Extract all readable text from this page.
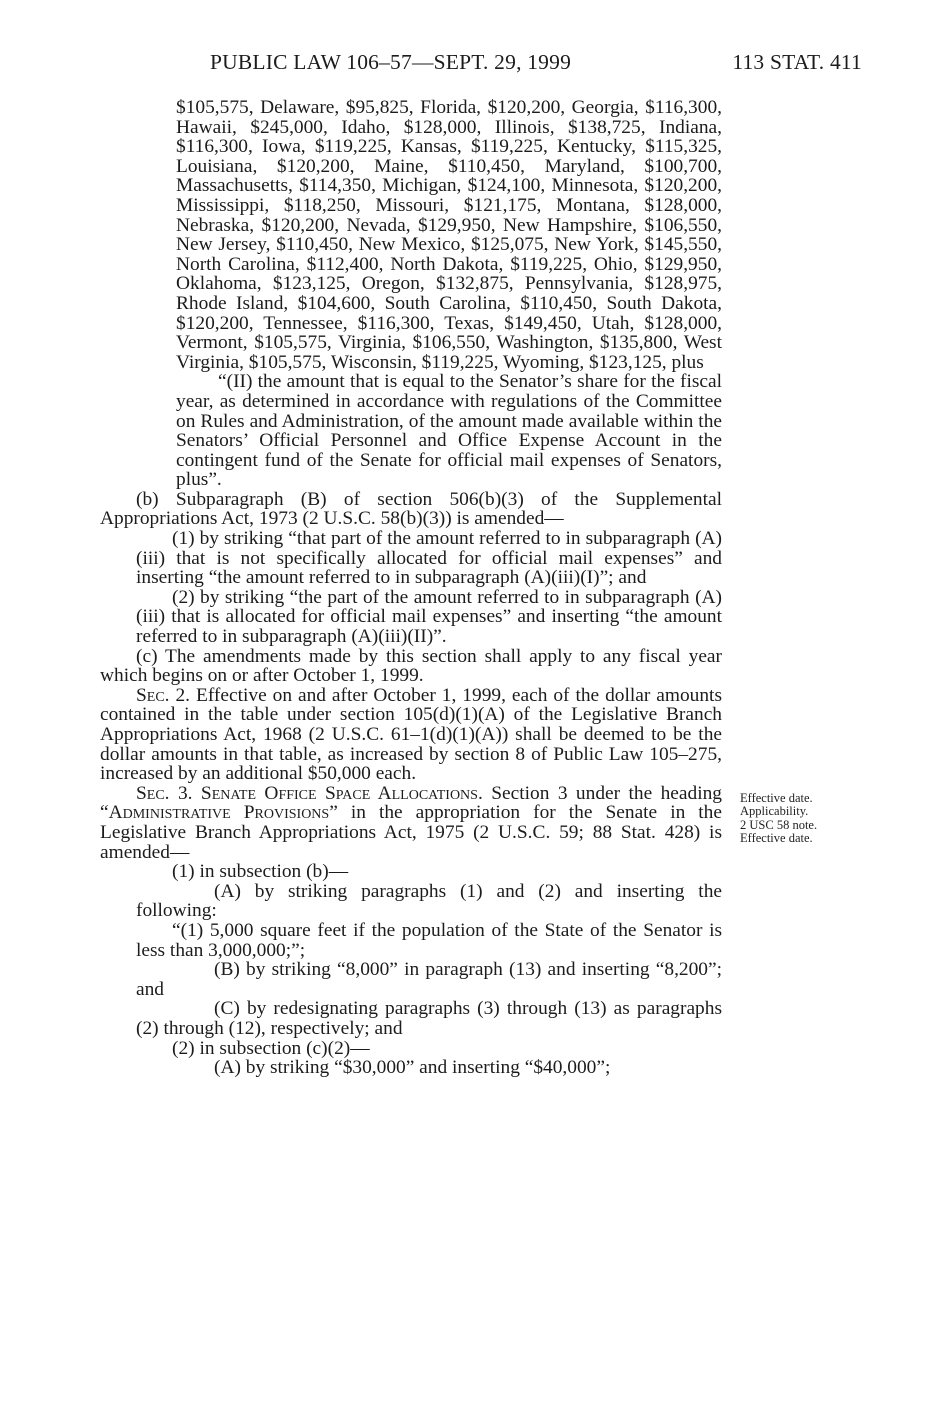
PUBLIC LAW 106–57—SEPT. 29, 1999	113 STAT. 411

$105,575, Delaware, $95,825, Florida, $120,200, Georgia, $116,300, Hawaii, $245,000, Idaho, $128,000, Illinois, $138,725, Indiana, $116,300, Iowa, $119,225, Kansas, $119,225, Kentucky, $115,325, Louisiana, $120,200, Maine, $110,450, Maryland, $100,700, Massachusetts, $114,350, Michigan, $124,100, Minnesota, $120,200, Mississippi, $118,250, Missouri, $121,175, Montana, $128,000, Nebraska, $120,200, Nevada, $129,950, New Hampshire, $106,550, New Jersey, $110,450, New Mexico, $125,075, New York, $145,550, North Carolina, $112,400, North Dakota, $119,225, Ohio, $129,950, Oklahoma, $123,125, Oregon, $132,875, Pennsylvania, $128,975, Rhode Island, $104,600, South Carolina, $110,450, South Dakota, $120,200, Tennessee, $116,300, Texas, $149,450, Utah, $128,000, Vermont, $105,575, Virginia, $106,550, Washington, $135,800, West Virginia, $105,575, Wisconsin, $119,225, Wyoming, $123,125, plus

“(II) the amount that is equal to the Senator’s share for the fiscal year, as determined in accordance with regulations of the Committee on Rules and Administration, of the amount made available within the Senators’ Official Personnel and Office Expense Account in the contingent fund of the Senate for official mail expenses of Senators, plus”.

(b) Subparagraph (B) of section 506(b)(3) of the Supplemental Appropriations Act, 1973 (2 U.S.C. 58(b)(3)) is amended—

(1) by striking “that part of the amount referred to in subparagraph (A)(iii) that is not specifically allocated for official mail expenses” and inserting “the amount referred to in subparagraph (A)(iii)(I)”; and

(2) by striking “the part of the amount referred to in subparagraph (A)(iii) that is allocated for official mail expenses” and inserting “the amount referred to in subparagraph (A)(iii)(II)”.

(c) The amendments made by this section shall apply to any fiscal year which begins on or after October 1, 1999.

Sec. 2. Effective on and after October 1, 1999, each of the dollar amounts contained in the table under section 105(d)(1)(A) of the Legislative Branch Appropriations Act, 1968 (2 U.S.C. 61–1(d)(1)(A)) shall be deemed to be the dollar amounts in that table, as increased by section 8 of Public Law 105–275, increased by an additional $50,000 each.

Sec. 3. Senate Office Space Allocations. Section 3 under the heading “Administrative Provisions” in the appropriation for the Senate in the Legislative Branch Appropriations Act, 1975 (2 U.S.C. 59; 88 Stat. 428) is amended—

(1) in subsection (b)—

(A) by striking paragraphs (1) and (2) and inserting the following:

“(1) 5,000 square feet if the population of the State of the Senator is less than 3,000,000;”;

(B) by striking “8,000” in paragraph (13) and inserting “8,200”; and

(C) by redesignating paragraphs (3) through (13) as paragraphs (2) through (12), respectively; and

(2) in subsection (c)(2)—

(A) by striking “$30,000” and inserting “$40,000”;

Effective date.
Applicability.
2 USC 58 note.
Effective date.
